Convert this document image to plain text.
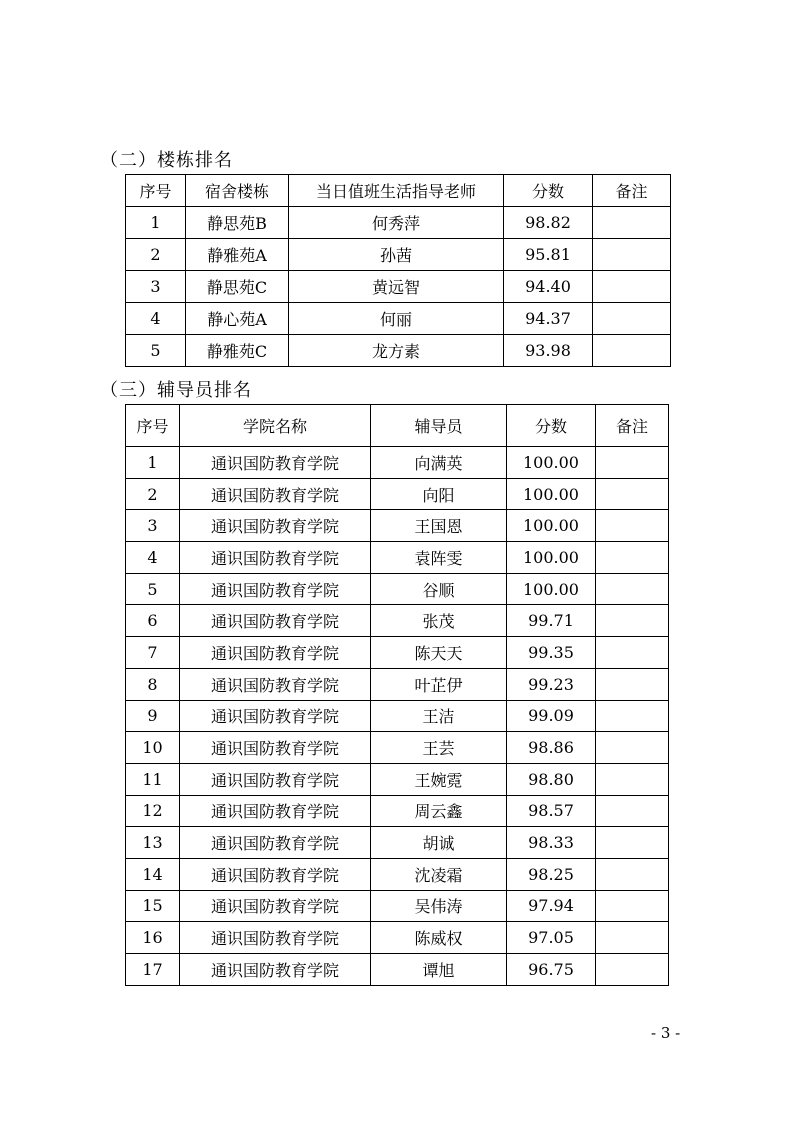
（二）楼栋排名
序号	宿舍楼栋	当日值班生活指导老师	分数	备注
1	静思苑B	何秀萍	98.82	
2	静雅苑A	孙茜	95.81	
3	静思苑C	黄远智	94.40	
4	静心苑A	何丽	94.37	
5	静雅苑C	龙方素	93.98	
（三）辅导员排名
序号	学院名称	辅导员	分数	备注
1	通识国防教育学院	向满英	100.00	
2	通识国防教育学院	向阳	100.00	
3	通识国防教育学院	王国恩	100.00	
4	通识国防教育学院	袁阵雯	100.00	
5	通识国防教育学院	谷顺	100.00	
6	通识国防教育学院	张茂	99.71	
7	通识国防教育学院	陈天天	99.35	
8	通识国防教育学院	叶芷伊	99.23	
9	通识国防教育学院	王洁	99.09	
10	通识国防教育学院	王芸	98.86	
11	通识国防教育学院	王婉霓	98.80	
12	通识国防教育学院	周云鑫	98.57	
13	通识国防教育学院	胡诚	98.33	
14	通识国防教育学院	沈凌霜	98.25	
15	通识国防教育学院	吴伟涛	97.94	
16	通识国防教育学院	陈威权	97.05	
17	通识国防教育学院	谭旭	96.75	
- 3 -
